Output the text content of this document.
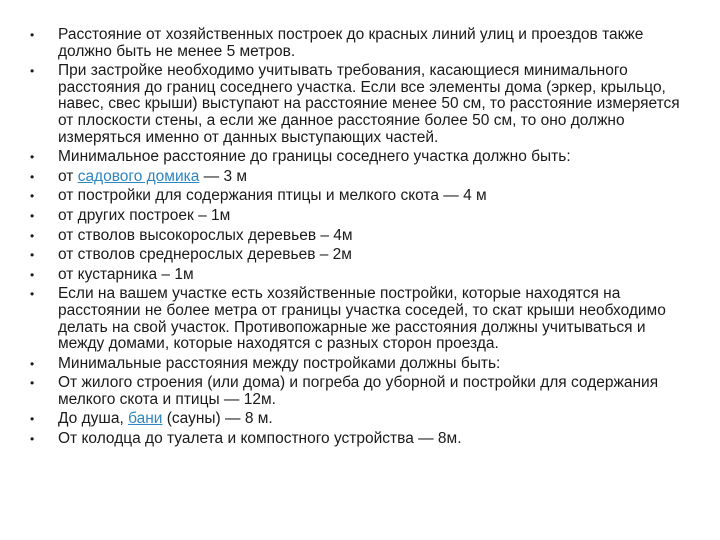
•	Расстояние от хозяйственных построек до красных линий улиц и проездов также должно быть не менее 5 метров.
•	При застройке необходимо учитывать требования, касающиеся минимального расстояния до границ соседнего участка. Если все элементы дома (эркер, крыльцо, навес, свес крыши) выступают на расстояние менее 50 см, то расстояние измеряется от плоскости стены, а если же данное расстояние более 50 см, то оно должно измеряться именно от данных выступающих частей.
•	Минимальное расстояние до границы соседнего участка должно быть:
•	от садового домика — 3 м
•	от постройки для содержания птицы и мелкого скота — 4 м
•	от других построек – 1м
•	от стволов высокорослых деревьев – 4м
•	от стволов среднерослых деревьев – 2м
•	от кустарника – 1м
•	Если на вашем участке есть хозяйственные постройки, которые находятся на расстоянии не более метра от границы участка соседей, то скат крыши необходимо делать на свой участок. Противопожарные же расстояния должны учитываться и между домами, которые находятся с разных сторон проезда.
•	Минимальные расстояния между постройками должны быть:
•	От жилого строения (или дома) и погреба до уборной и постройки для содержания мелкого скота и птицы — 12м.
•	До душа, бани (сауны) — 8 м.
•	От колодца до туалета и компостного устройства — 8м.
